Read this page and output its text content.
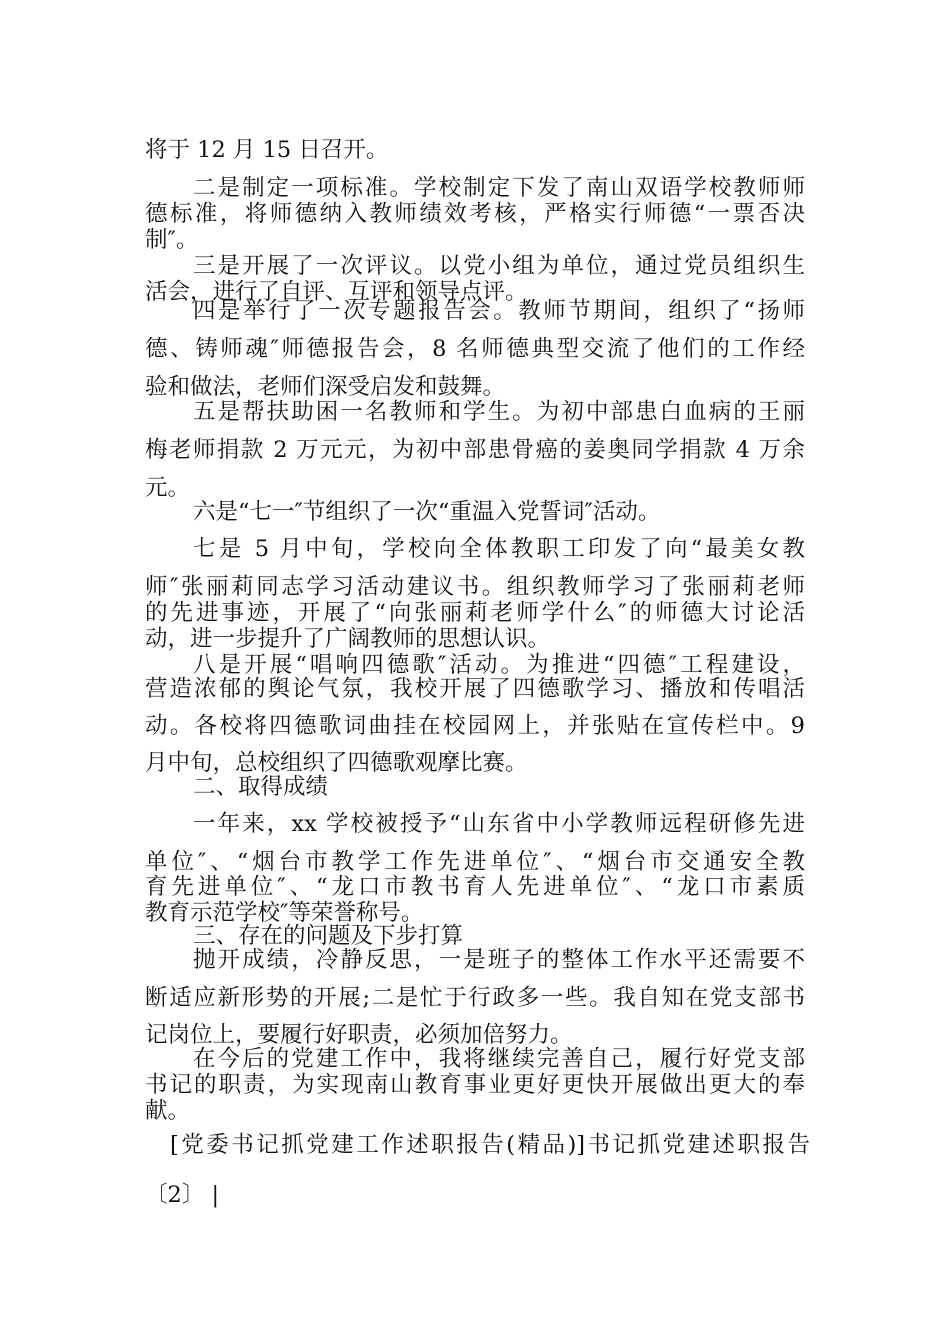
将于 12 月 15 日召开。
二是制定一项标准。学校制定下发了南山双语学校教师师
德标准，将师德纳入教师绩效考核，严格实行师德“一票否决
制″。
三是开展了一次评议。以党小组为单位，通过党员组织生
活会，进行了自评、互评和领导点评。
四是举行了一次专题报告会。教师节期间，组织了“扬师
德、铸师魂″师德报告会，8 名师德典型交流了他们的工作经
验和做法，老师们深受启发和鼓舞。
五是帮扶助困一名教师和学生。为初中部患白血病的王丽
梅老师捐款 2 万元元，为初中部患骨癌的姜奥同学捐款 4 万余
元。
六是“七一″节组织了一次“重温入党誓词″活动。
七是 5 月中旬，学校向全体教职工印发了向“最美女教
师″张丽莉同志学习活动建议书。组织教师学习了张丽莉老师
的先进事迹，开展了“向张丽莉老师学什么″的师德大讨论活
动，进一步提升了广阔教师的思想认识。
八是开展“唱响四德歌″活动。为推进“四德″工程建设，
营造浓郁的舆论气氛，我校开展了四德歌学习、播放和传唱活
动。各校将四德歌词曲挂在校园网上，并张贴在宣传栏中。9
月中旬，总校组织了四德歌观摩比赛。
二、取得成绩
一年来，xx 学校被授予“山东省中小学教师远程研修先进
单位″、“烟台市教学工作先进单位″、“烟台市交通安全教
育先进单位″、“龙口市教书育人先进单位″、“龙口市素质
教育示范学校″等荣誉称号。
三、存在的问题及下步打算
抛开成绩，冷静反思，一是班子的整体工作水平还需要不
断适应新形势的开展;二是忙于行政多一些。我自知在党支部书
记岗位上，要履行好职责，必须加倍努力。
在今后的党建工作中，我将继续完善自己，履行好党支部
书记的职责，为实现南山教育事业更好更快开展做出更大的奉
献。
[党委书记抓党建工作述职报告(精品)]书记抓党建述职报告
〔2〕 |
